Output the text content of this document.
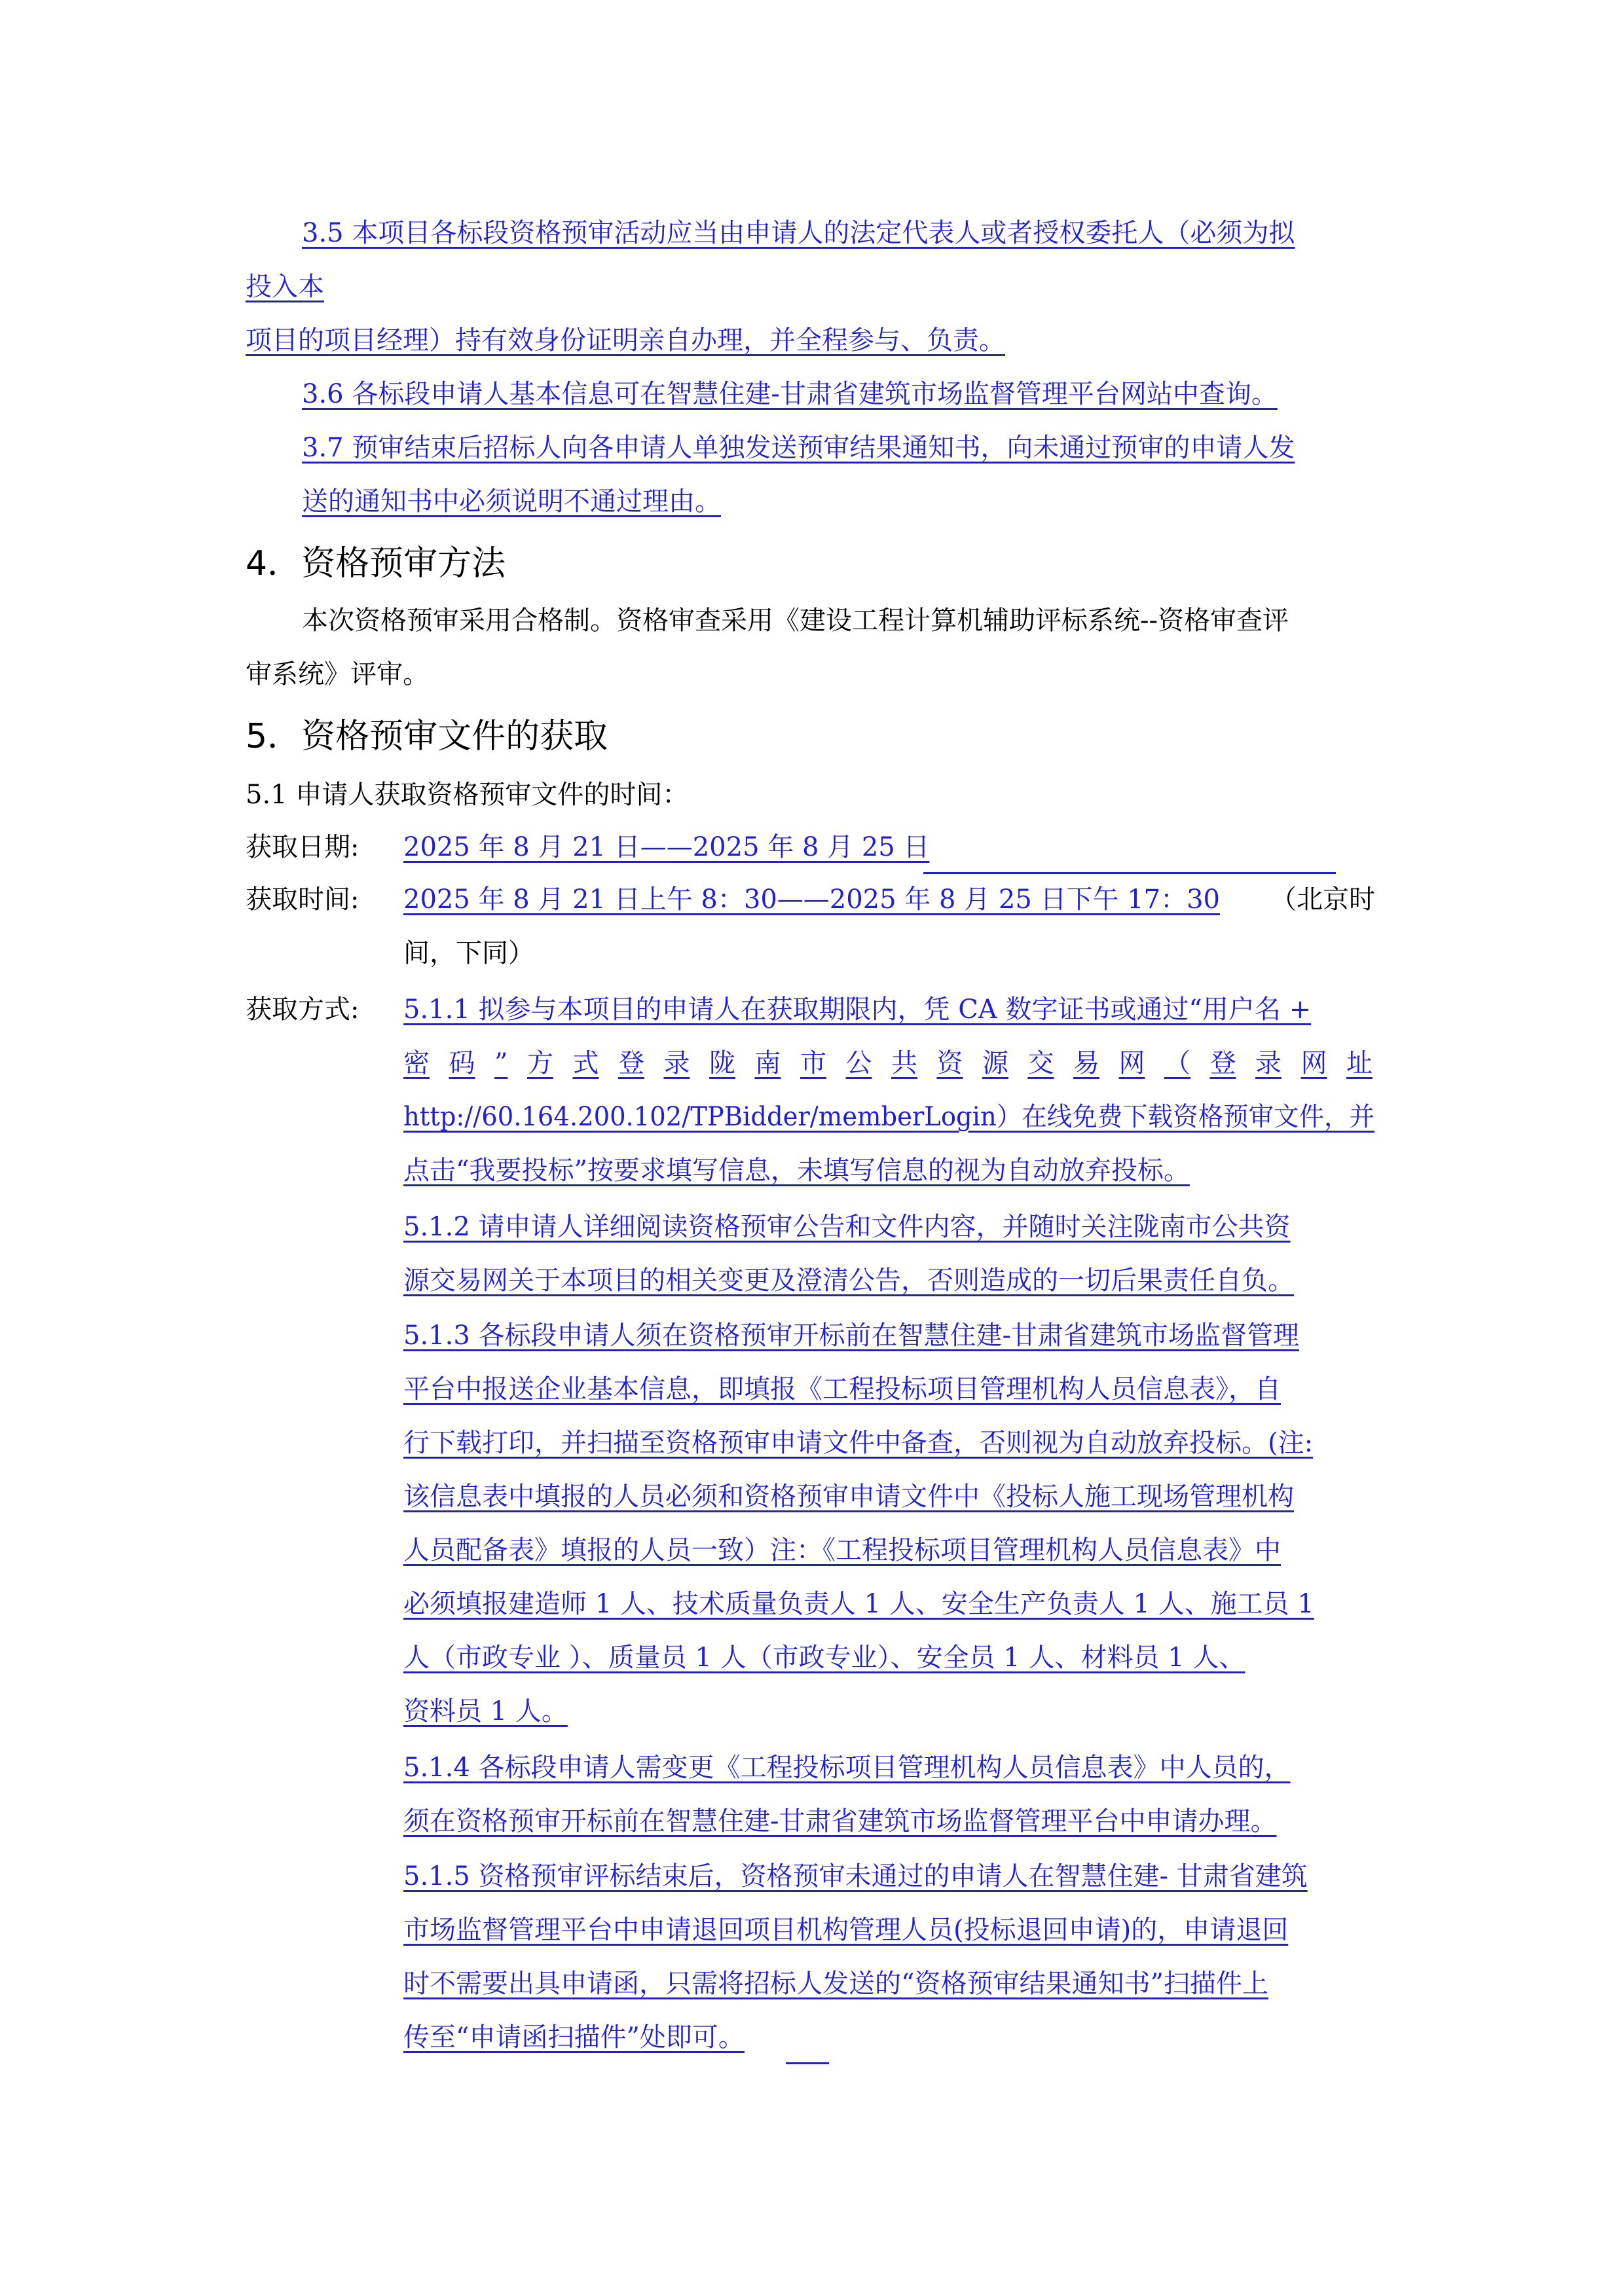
3.5 本项目各标段资格预审活动应当由申请人的法定代表人或者授权委托人（必须为拟
投入本
项目的项目经理）持有效身份证明亲自办理，并全程参与、负责。
3.6 各标段申请人基本信息可在智慧住建-甘肃省建筑市场监督管理平台网站中查询。
3.7 预审结束后招标人向各申请人单独发送预审结果通知书，向未通过预审的申请人发
送的通知书中必须说明不通过理由。
4．资格预审方法
本次资格预审采用合格制。资格审查采用《建设工程计算机辅助评标系统--资格审查评
审系统》评审。
5．资格预审文件的获取
5.1 申请人获取资格预审文件的时间：
获取日期: 2025 年 8 月 21 日——2025 年 8 月 25 日
获取时间: 2025 年 8 月 21 日上午 8：30——2025 年 8 月 25 日下午 17：30 （北京时
间，下同）
获取方式: 5.1.1 拟参与本项目的申请人在获取期限内，凭 CA 数字证书或通过“用户名 +
密 码 ” 方 式 登 录 陇 南 市 公 共 资 源 交 易 网 （ 登 录 网 址
http://60.164.200.102/TPBidder/memberLogin）在线免费下载资格预审文件，并
点击“我要投标”按要求填写信息，未填写信息的视为自动放弃投标。
5.1.2 请申请人详细阅读资格预审公告和文件内容，并随时关注陇南市公共资
源交易网关于本项目的相关变更及澄清公告，否则造成的一切后果责任自负。
5.1.3 各标段申请人须在资格预审开标前在智慧住建-甘肃省建筑市场监督管理
平台中报送企业基本信息，即填报《工程投标项目管理机构人员信息表》，自
行下载打印，并扫描至资格预审申请文件中备查，否则视为自动放弃投标。(注:
该信息表中填报的人员必须和资格预审申请文件中《投标人施工现场管理机构
人员配备表》填报的人员一致）注：《工程投标项目管理机构人员信息表》中
必须填报建造师 1 人、技术质量负责人 1 人、安全生产负责人 1 人、施工员 1
人（市政专业 ）、质量员 1 人（市政专业）、安全员 1 人、材料员 1 人、
资料员 1 人。
5.1.4 各标段申请人需变更《工程投标项目管理机构人员信息表》中人员的，
须在资格预审开标前在智慧住建-甘肃省建筑市场监督管理平台中申请办理。
5.1.5 资格预审评标结束后，资格预审未通过的申请人在智慧住建- 甘肃省建筑
市场监督管理平台中申请退回项目机构管理人员(投标退回申请)的，申请退回
时不需要出具申请函，只需将招标人发送的“资格预审结果通知书”扫描件上
传至“申请函扫描件”处即可。
